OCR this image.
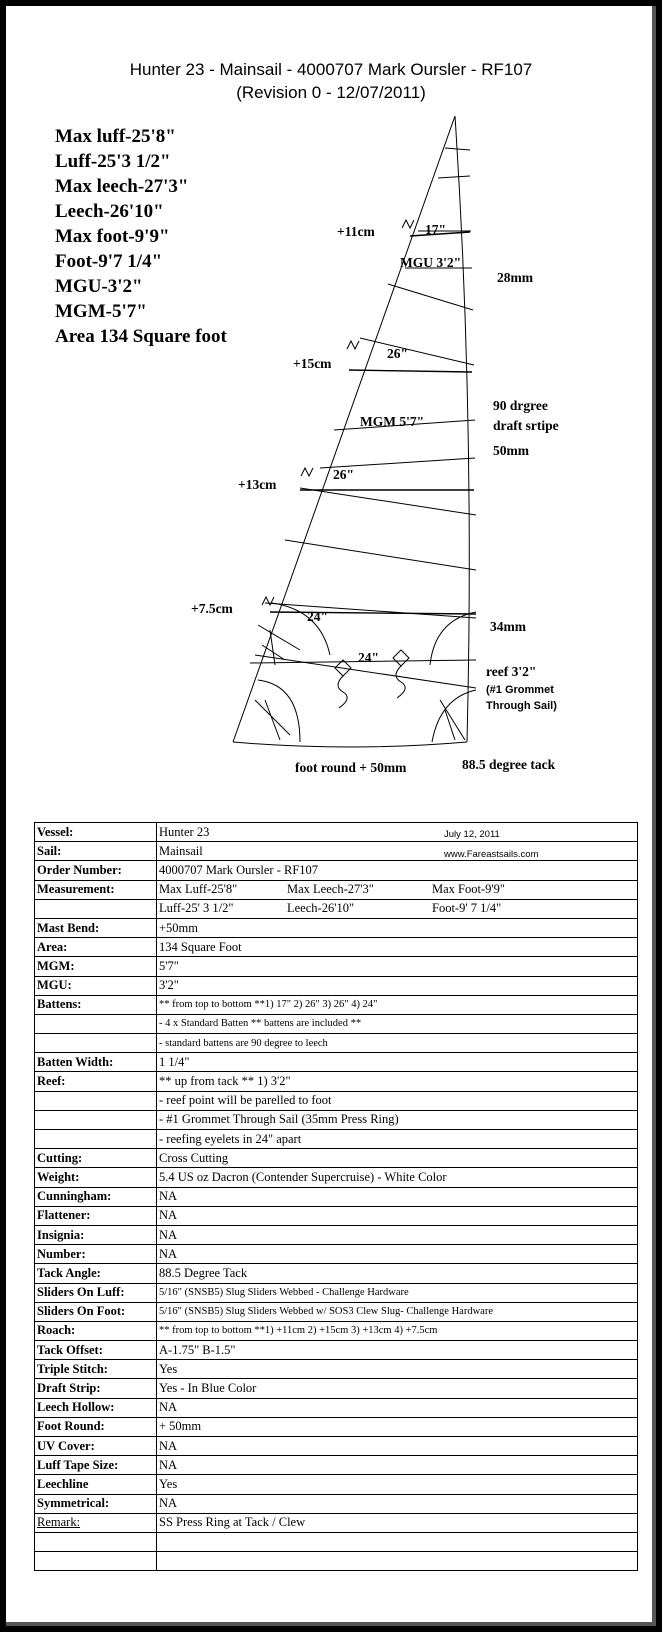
Hunter 23 - Mainsail - 4000707 Mark Oursler - RF107
(Revision 0 - 12/07/2011)
Max luff-25'8"
Luff-25'3 1/2"
Max leech-27'3"
Leech-26'10"
Max foot-9'9"
Foot-9'7 1/4"
MGU-3'2"
MGM-5'7"
Area 134 Square foot
+11cm	17"
MGU 3'2"
28mm
+15cm
26"
90 drgree
draft srtipe
MGM 5'7"
50mm
+13cm
26"
+7.5cm
24"
34mm
24"
reef 3'2"
(#1 Grommet
Through Sail)
foot round + 50mm	88.5 degree tack
Vessel:	Hunter 23
Sail:	Mainsail
Order Number:	4000707 Mark Oursler - RF107
Measurement:	Max Luff-25'8" Max Leech-27'3" Max Foot-9'9"
	Luff-25' 3 1/2" Leech-26'10" Foot-9' 7 1/4"
Mast Bend:	+50mm
Area:	134 Square Foot
MGM:	5'7"
MGU:	3'2"
Battens:	** from top to bottom **1) 17" 2) 26" 3) 26" 4) 24"
	- 4 x Standard Batten ** battens are included **
	- standard battens are 90 degree to leech
Batten Width:	1 1/4"
Reef:	** up from tack ** 1) 3'2"
	- reef point will be parelled to foot
	- #1 Grommet Through Sail (35mm Press Ring)
	- reefing eyelets in 24" apart
Cutting:	Cross Cutting
Weight:	5.4 US oz Dacron (Contender Supercruise) - White Color
Cunningham:	NA
Flattener:	NA
Insignia:	NA
Number:	NA
Tack Angle:	88.5 Degree Tack
Sliders On Luff:	5/16" (SNSB5) Slug Sliders Webbed - Challenge Hardware
Sliders On Foot:	5/16" (SNSB5) Slug Sliders Webbed w/ SOS3 Clew Slug- Challenge Hardware
Roach:	** from top to bottom **1) +11cm 2) +15cm 3) +13cm 4) +7.5cm
Tack Offset:	A-1.75" B-1.5"
Triple Stitch:	Yes
Draft Strip:	Yes - In Blue Color
Leech Hollow:	NA
Foot Round:	+ 50mm
UV Cover:	NA
Luff Tape Size:	NA
Leechline	Yes
Symmetrical:	NA
Remark:	SS Press Ring at Tack / Clew

July 12, 2011
www.Fareastsails.com
